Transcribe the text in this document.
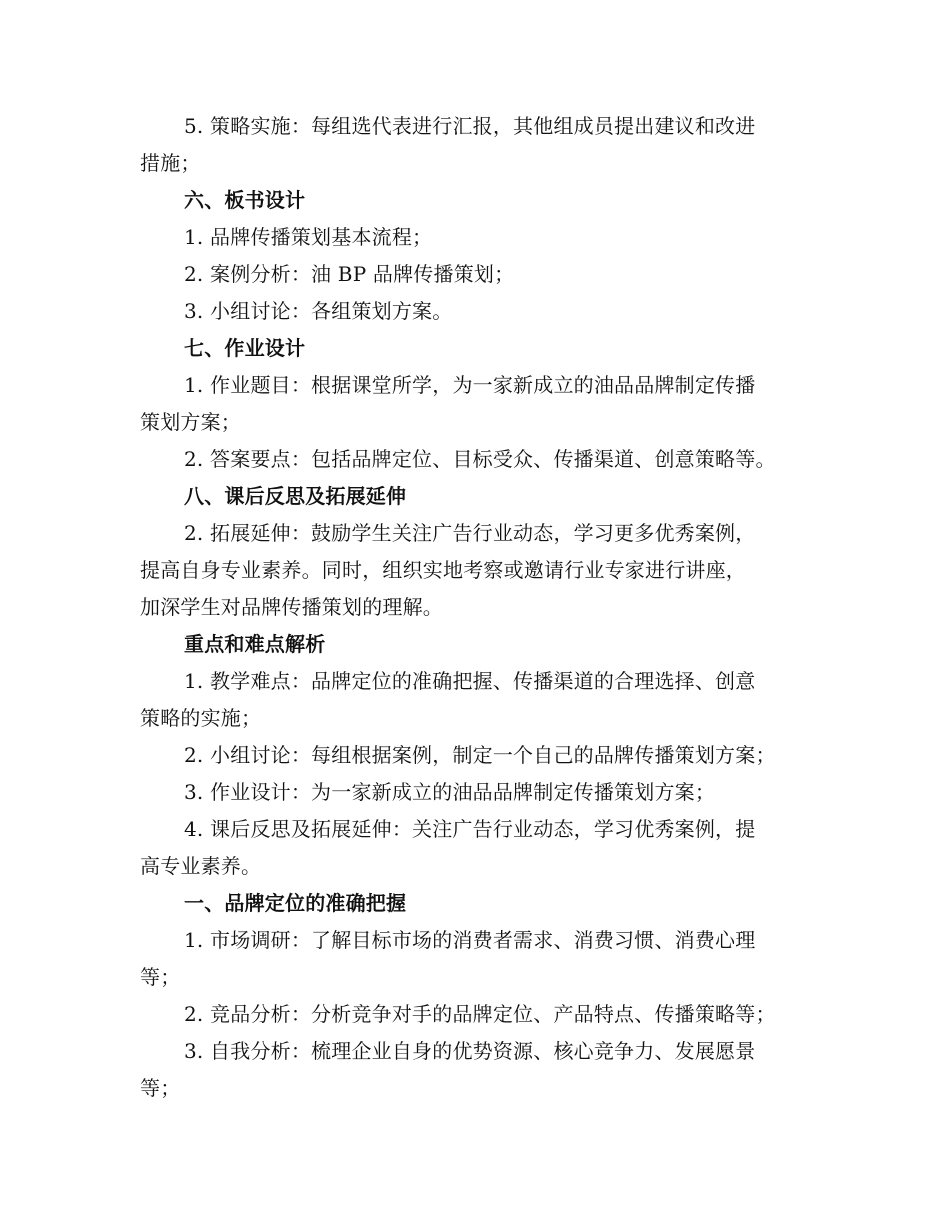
5. 策略实施：每组选代表进行汇报，其他组成员提出建议和改进
措施；
六、板书设计
1. 品牌传播策划基本流程；
2. 案例分析：油 BP 品牌传播策划；
3. 小组讨论：各组策划方案。
七、作业设计
1. 作业题目：根据课堂所学，为一家新成立的油品品牌制定传播
策划方案；
2. 答案要点：包括品牌定位、目标受众、传播渠道、创意策略等。
八、课后反思及拓展延伸
2. 拓展延伸：鼓励学生关注广告行业动态，学习更多优秀案例，
提高自身专业素养。同时，组织实地考察或邀请行业专家进行讲座，
加深学生对品牌传播策划的理解。
重点和难点解析
1. 教学难点：品牌定位的准确把握、传播渠道的合理选择、创意
策略的实施；
2. 小组讨论：每组根据案例，制定一个自己的品牌传播策划方案；
3. 作业设计：为一家新成立的油品品牌制定传播策划方案；
4. 课后反思及拓展延伸：关注广告行业动态，学习优秀案例，提
高专业素养。
一、品牌定位的准确把握
1. 市场调研：了解目标市场的消费者需求、消费习惯、消费心理
等；
2. 竞品分析：分析竞争对手的品牌定位、产品特点、传播策略等；
3. 自我分析：梳理企业自身的优势资源、核心竞争力、发展愿景
等；
